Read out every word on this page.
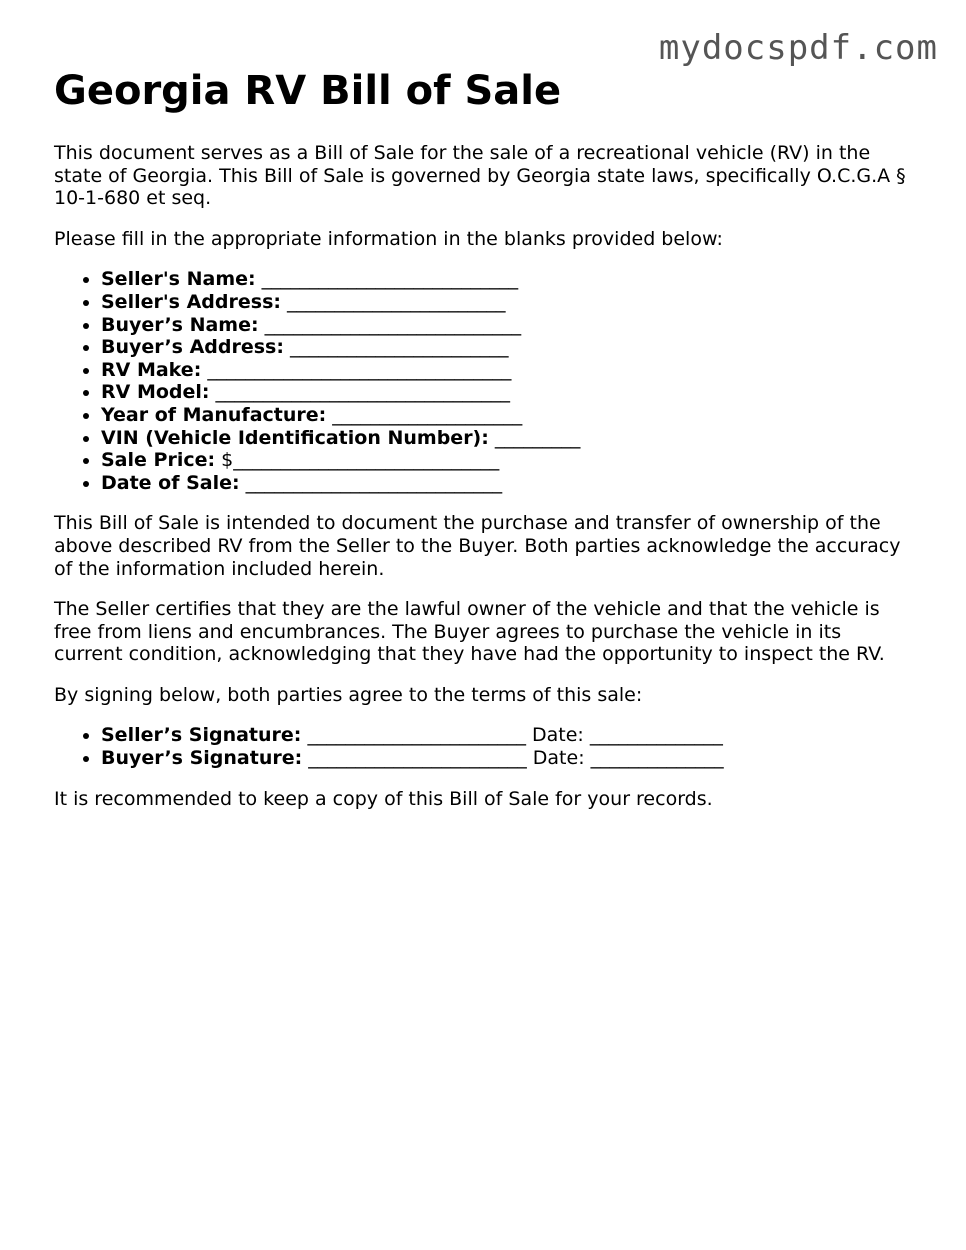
mydocspdf.com
Georgia RV Bill of Sale

This document serves as a Bill of Sale for the sale of a recreational vehicle (RV) in the state of Georgia. This Bill of Sale is governed by Georgia state laws, specifically O.C.G.A § 10-1-680 et seq.

Please fill in the appropriate information in the blanks provided below:

• Seller's Name: ___________________________
• Seller's Address: _______________________
• Buyer’s Name: ___________________________
• Buyer’s Address: _______________________
• RV Make: ________________________________
• RV Model: _______________________________
• Year of Manufacture: ____________________
• VIN (Vehicle Identification Number): _________
• Sale Price: $____________________________
• Date of Sale: ___________________________

This Bill of Sale is intended to document the purchase and transfer of ownership of the above described RV from the Seller to the Buyer. Both parties acknowledge the accuracy of the information included herein.

The Seller certifies that they are the lawful owner of the vehicle and that the vehicle is free from liens and encumbrances. The Buyer agrees to purchase the vehicle in its current condition, acknowledging that they have had the opportunity to inspect the RV.

By signing below, both parties agree to the terms of this sale:

• Seller’s Signature: _______________________ Date: ______________
• Buyer’s Signature: _______________________ Date: ______________

It is recommended to keep a copy of this Bill of Sale for your records.
